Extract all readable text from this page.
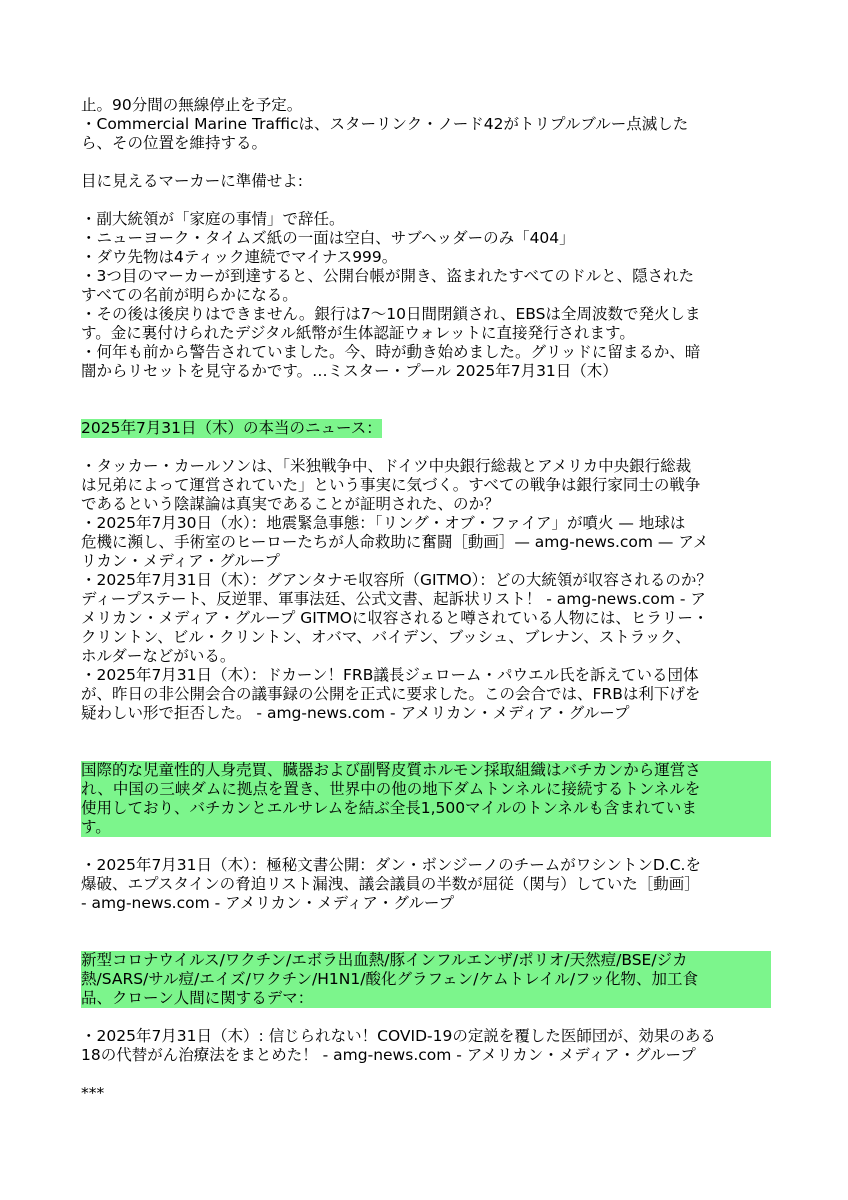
止。90分間の無線停止を予定。
・Commercial Marine Trafficは、スターリンク・ノード42がトリプルブルー点滅した
ら、その位置を維持する。
目に見えるマーカーに準備せよ:
・副大統領が「家庭の事情」で辞任。
・ニューヨーク・タイムズ紙の一面は空白、サブヘッダーのみ「404」
・ダウ先物は4ティック連続でマイナス999。
・3つ目のマーカーが到達すると、公開台帳が開き、盗まれたすべてのドルと、隠された
すべての名前が明らかになる。
・その後は後戻りはできません。銀行は7〜10日間閉鎖され、EBSは全周波数で発火しま
す。金に裏付けられたデジタル紙幣が生体認証ウォレットに直接発行されます。
・何年も前から警告されていました。今、時が動き始めました。グリッドに留まるか、暗
闇からリセットを見守るかです。…ミスター・プール 2025年7月31日（木）
2025年7月31日（木）の本当のニュース：
・タッカー・カールソンは、「米独戦争中、ドイツ中央銀行総裁とアメリカ中央銀行総裁
は兄弟によって運営されていた」という事実に気づく。すべての戦争は銀行家同士の戦争
であるという陰謀論は真実であることが証明された、のか？
・2025年7月30日（水）：地震緊急事態：「リング・オブ・ファイア」が噴火 — 地球は
危機に瀕し、手術室のヒーローたちが人命救助に奮闘［動画］— amg-news.com — アメ
リカン・メディア・グループ
・2025年7月31日（木）：グアンタナモ収容所（GITMO）：どの大統領が収容されるのか？
ディープステート、反逆罪、軍事法廷、公式文書、起訴状リスト！ - amg-news.com - ア
メリカン・メディア・グループ GITMOに収容されると噂されている人物には、ヒラリー・
クリントン、ビル・クリントン、オバマ、バイデン、ブッシュ、ブレナン、ストラック、
ホルダーなどがいる。
・2025年7月31日（木）：ドカーン！FRB議長ジェローム・パウエル氏を訴えている団体
が、昨日の非公開会合の議事録の公開を正式に要求した。この会合では、FRBは利下げを
疑わしい形で拒否した。 - amg-news.com - アメリカン・メディア・グループ
国際的な児童性的人身売買、臓器および副腎皮質ホルモン採取組織はバチカンから運営さ
れ、中国の三峡ダムに拠点を置き、世界中の他の地下ダムトンネルに接続するトンネルを
使用しており、バチカンとエルサレムを結ぶ全長1,500マイルのトンネルも含まれていま
す。
・2025年7月31日（木）：極秘文書公開：ダン・ボンジーノのチームがワシントンD.C.を
爆破、エプスタインの脅迫リスト漏洩、議会議員の半数が屈従（関与）していた［動画］
- amg-news.com - アメリカン・メディア・グループ
新型コロナウイルス/ワクチン/エボラ出血熱/豚インフルエンザ/ポリオ/天然痘/BSE/ジカ
熱/SARS/サル痘/エイズ/ワクチン/H1N1/酸化グラフェン/ケムトレイル/フッ化物、加工食
品、クローン人間に関するデマ：
・2025年7月31日（木）: 信じられない！COVID-19の定説を覆した医師団が、効果のある
18の代替がん治療法をまとめた！ - amg-news.com - アメリカン・メディア・グループ
***
